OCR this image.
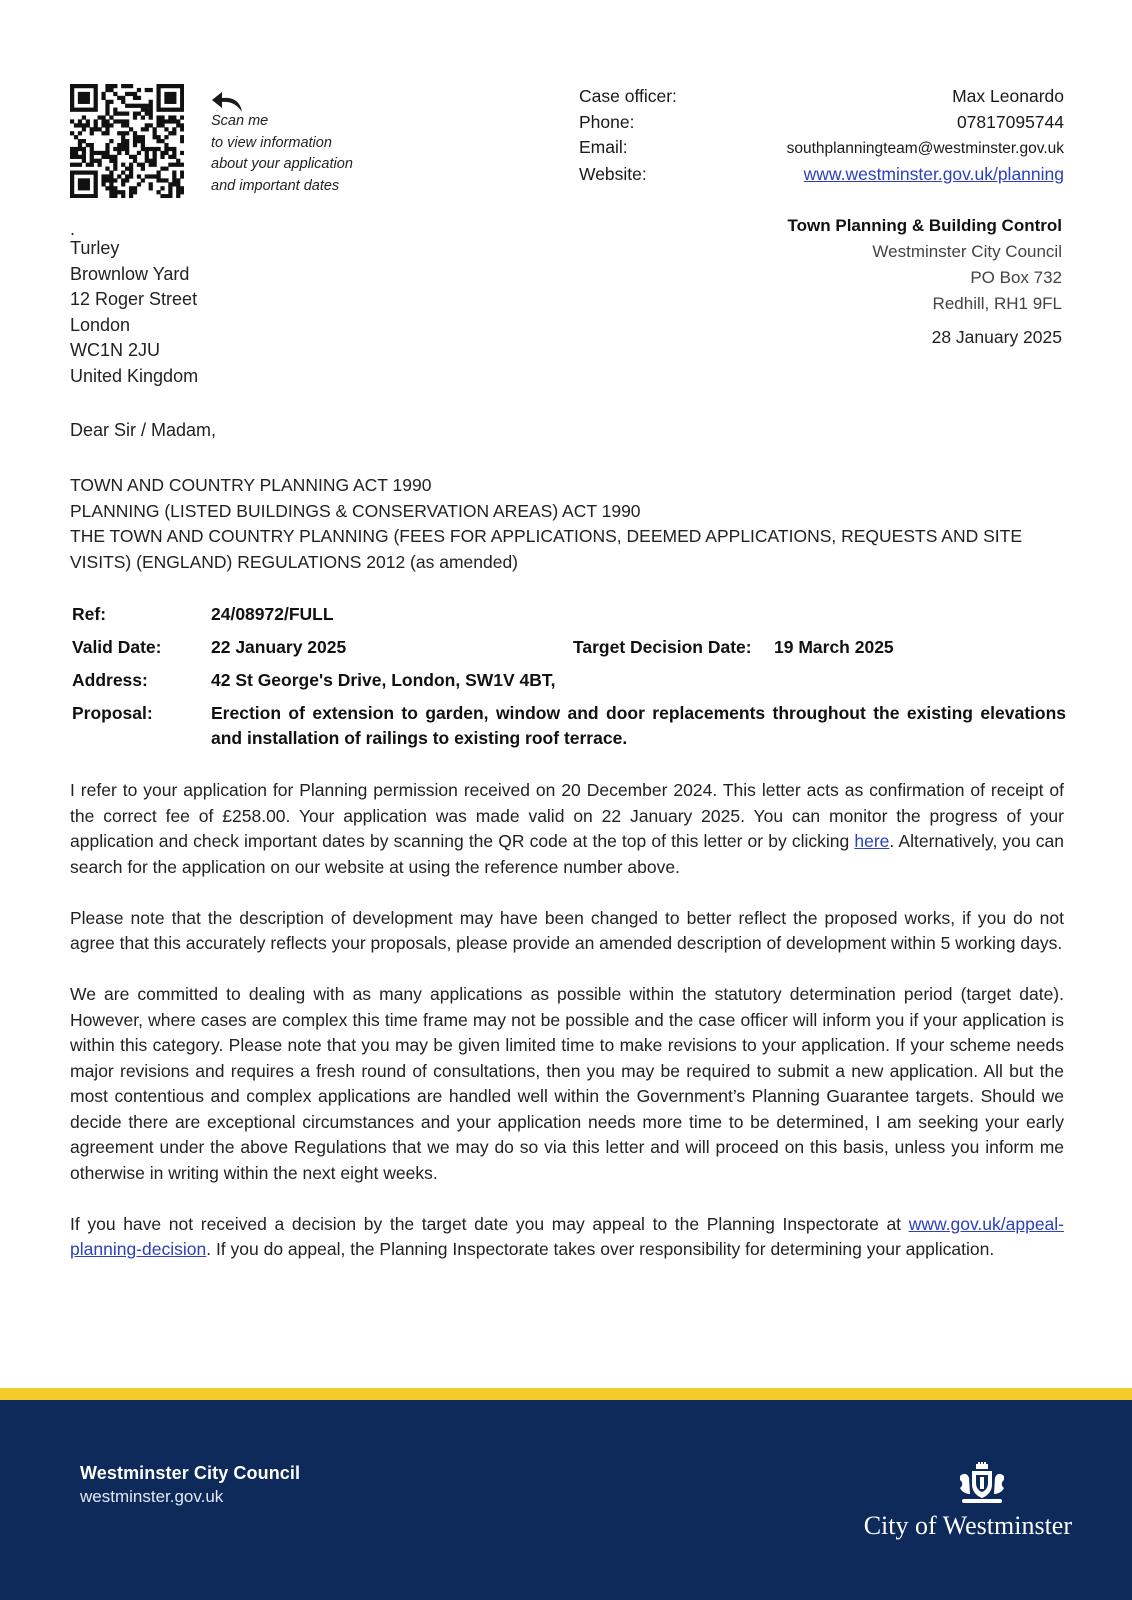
Scan me
to view information
about your application
and important dates
Case officer:	Max Leonardo
Phone:	07817095744
Email:	southplanningteam@westminster.gov.uk
Website:	www.westminster.gov.uk/planning
Town Planning & Building Control
Westminster City Council
PO Box 732
Redhill, RH1 9FL
28 January 2025
.
Turley
Brownlow Yard
12 Roger Street
London
WC1N 2JU
United Kingdom
Dear Sir / Madam,
TOWN AND COUNTRY PLANNING ACT 1990
PLANNING (LISTED BUILDINGS & CONSERVATION AREAS) ACT 1990
THE TOWN AND COUNTRY PLANNING (FEES FOR APPLICATIONS, DEEMED APPLICATIONS, REQUESTS AND SITE VISITS) (ENGLAND) REGULATIONS 2012 (as amended)
Ref:	24/08972/FULL
Valid Date:	22 January 2025	Target Decision Date:	19 March 2025
Address:	42 St George's Drive, London, SW1V 4BT,
Proposal:	Erection of extension to garden, window and door replacements throughout the existing elevations and installation of railings to existing roof terrace.

I refer to your application for Planning permission received on 20 December 2024. This letter acts as confirmation of receipt of the correct fee of £258.00. Your application was made valid on 22 January 2025. You can monitor the progress of your application and check important dates by scanning the QR code at the top of this letter or by clicking here. Alternatively, you can search for the application on our website at using the reference number above.

Please note that the description of development may have been changed to better reflect the proposed works, if you do not agree that this accurately reflects your proposals, please provide an amended description of development within 5 working days.

We are committed to dealing with as many applications as possible within the statutory determination period (target date). However, where cases are complex this time frame may not be possible and the case officer will inform you if your application is within this category. Please note that you may be given limited time to make revisions to your application. If your scheme needs major revisions and requires a fresh round of consultations, then you may be required to submit a new application. All but the most contentious and complex applications are handled well within the Government’s Planning Guarantee targets. Should we decide there are exceptional circumstances and your application needs more time to be determined, I am seeking your early agreement under the above Regulations that we may do so via this letter and will proceed on this basis, unless you inform me otherwise in writing within the next eight weeks.

If you have not received a decision by the target date you may appeal to the Planning Inspectorate at www.gov.uk/appeal-planning-decision. If you do appeal, the Planning Inspectorate takes over responsibility for determining your application.

Westminster City Council
westminster.gov.uk
City of Westminster
